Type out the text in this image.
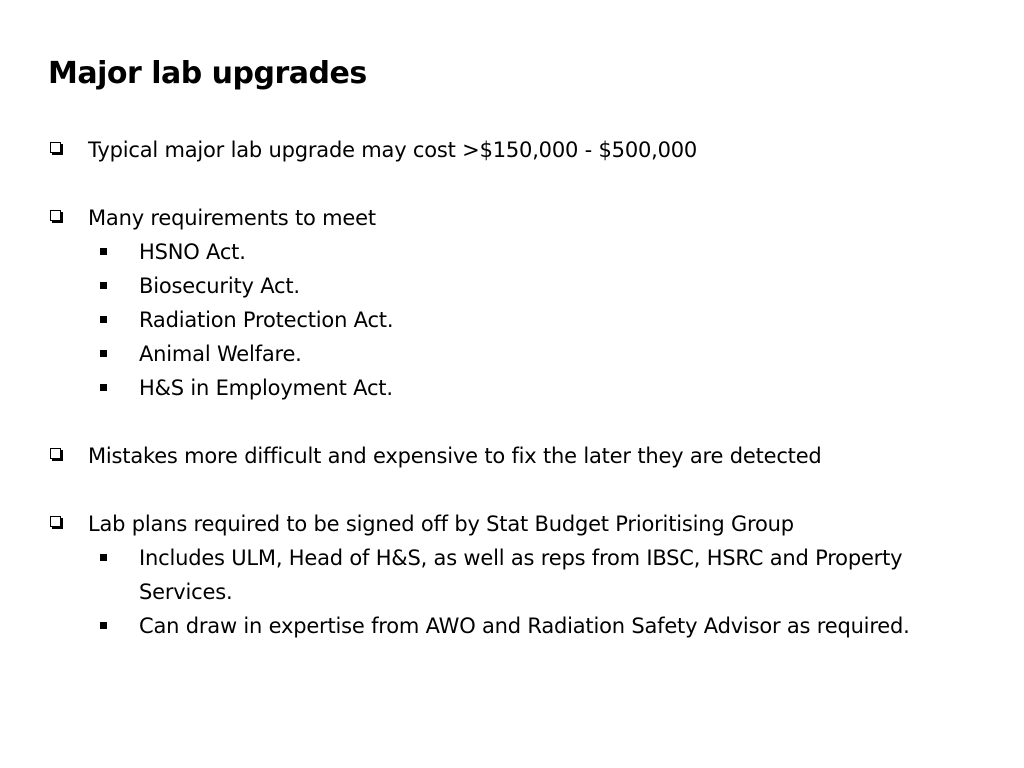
Major lab upgrades
Typical major lab upgrade may cost >$150,000 - $500,000
Many requirements to meet
HSNO Act.
Biosecurity Act.
Radiation Protection Act.
Animal Welfare.
H&S in Employment Act.
Mistakes more difficult and expensive to fix the later they are detected
Lab plans required to be signed off by Stat Budget Prioritising Group
Includes ULM, Head of H&S, as well as reps from IBSC, HSRC and Property Services.
Can draw in expertise from AWO and Radiation Safety Advisor as required.
